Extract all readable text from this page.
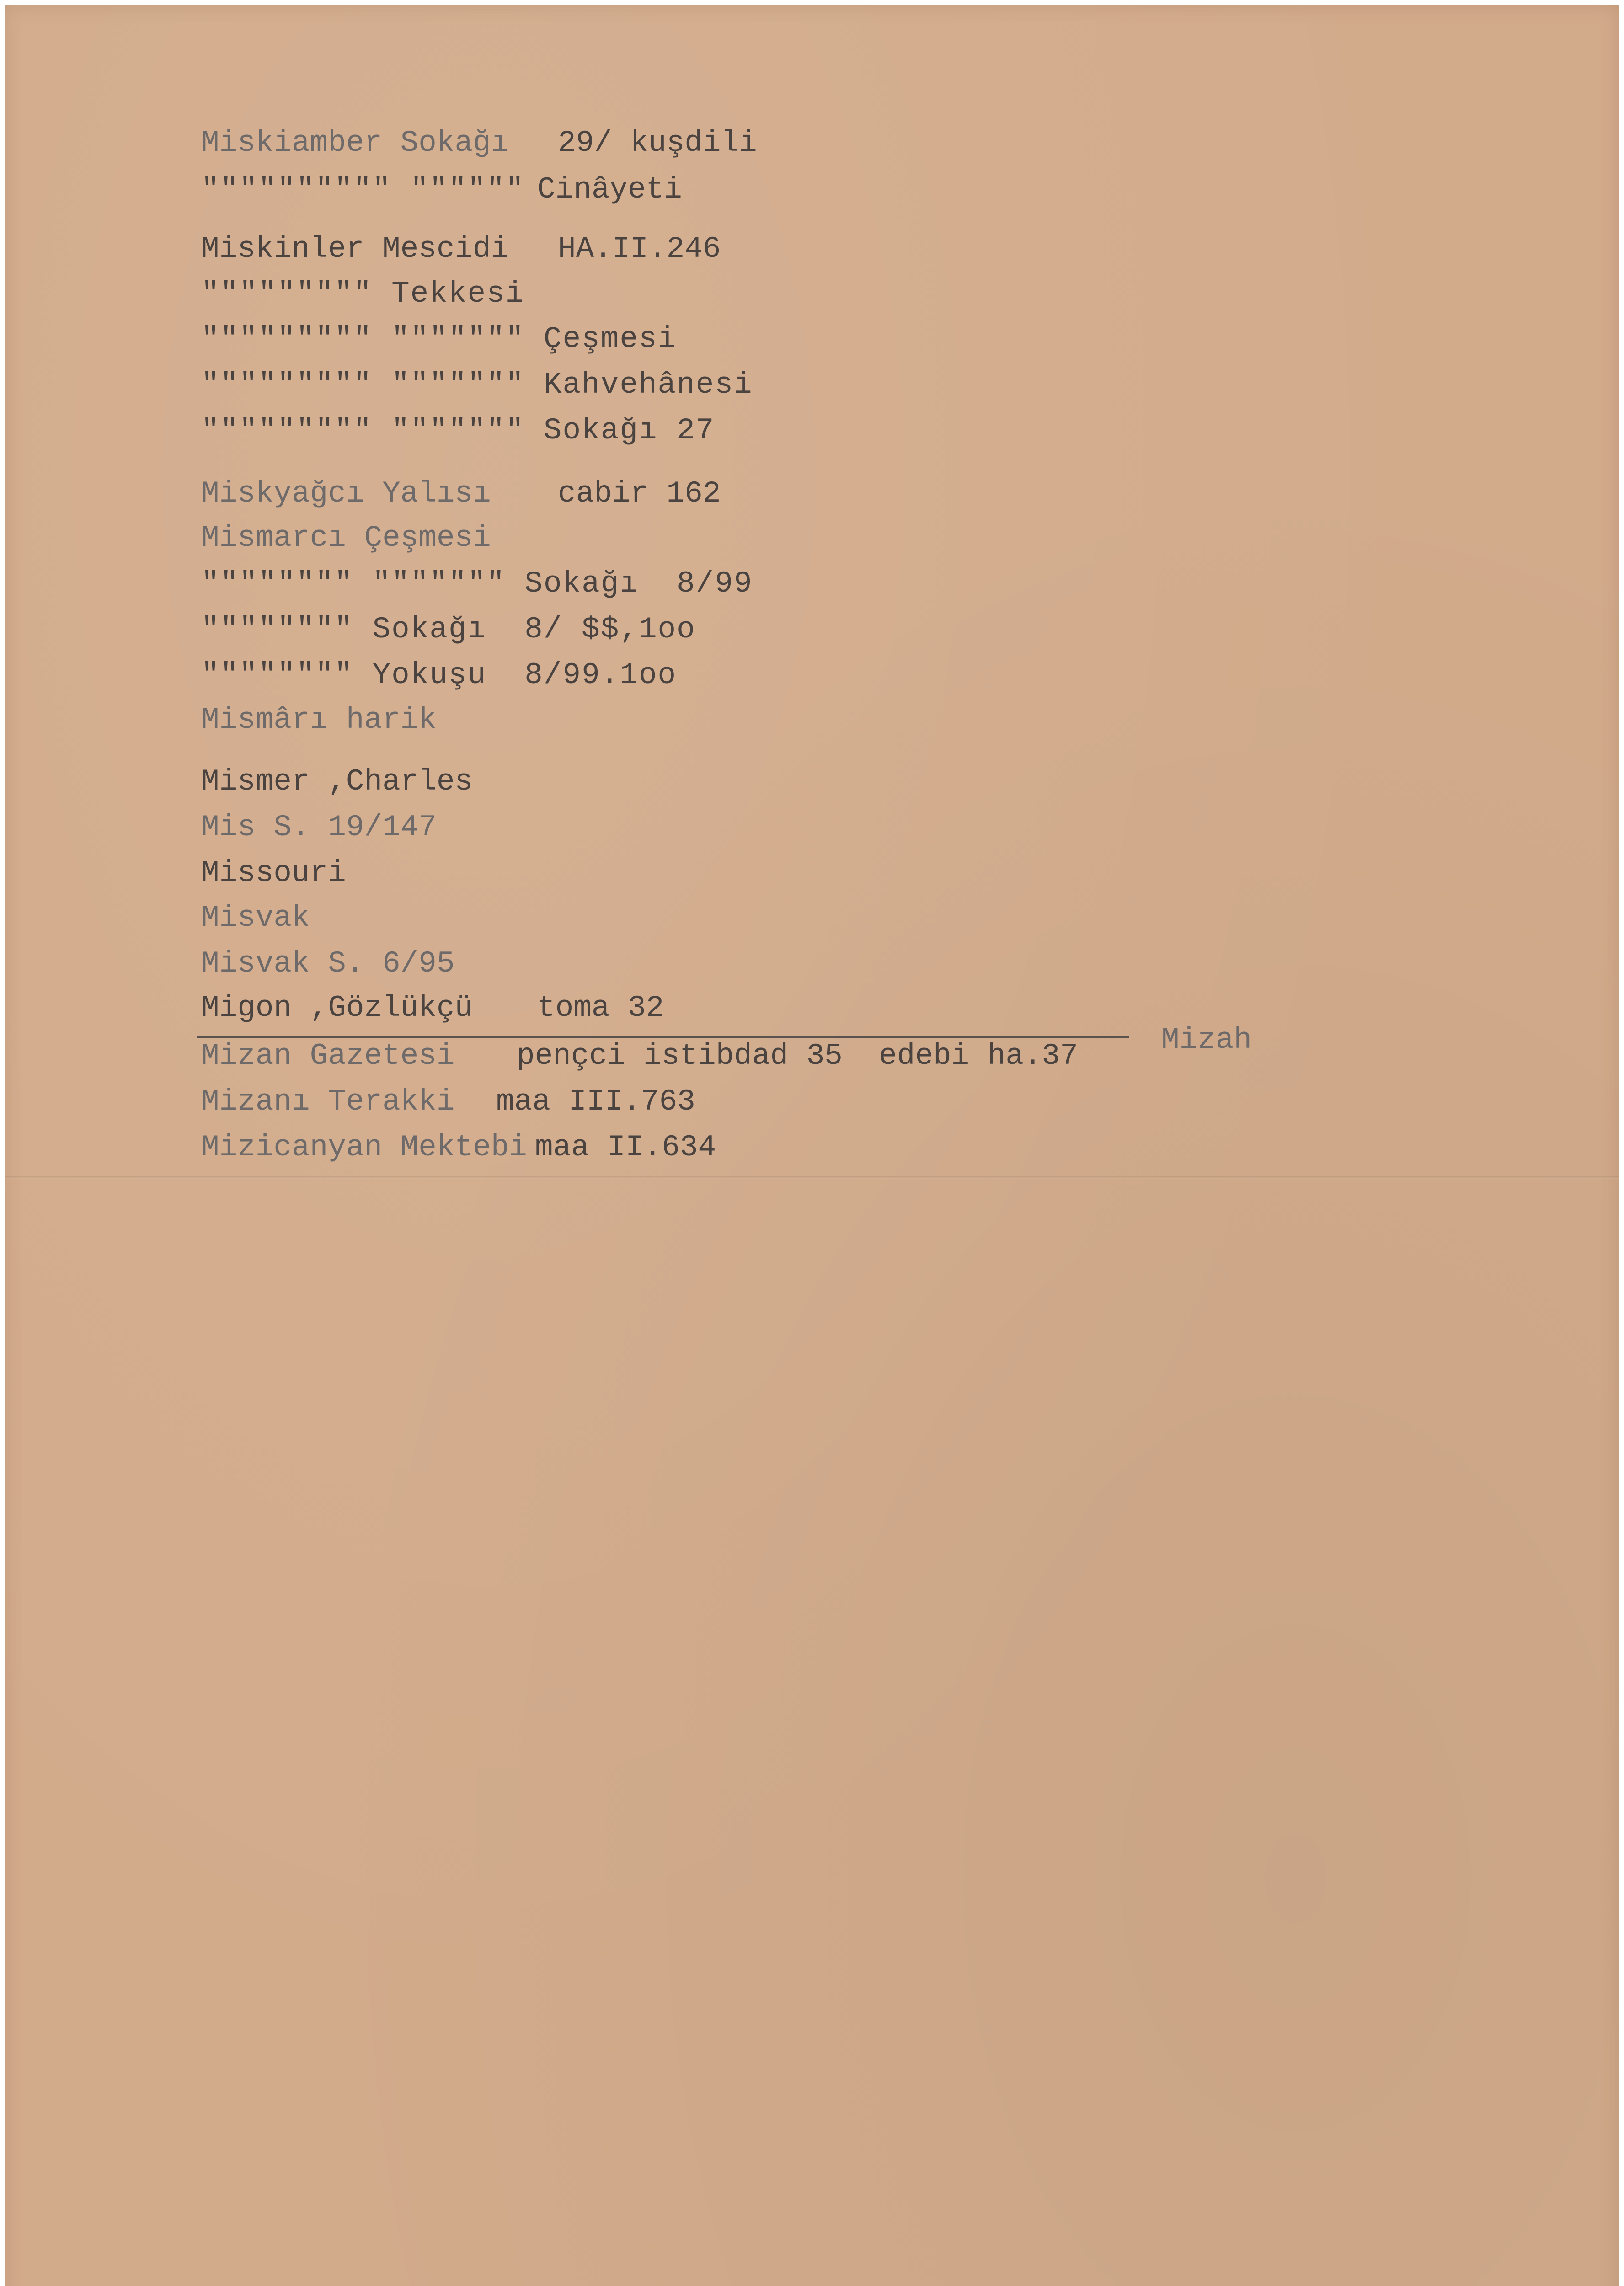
Miskiamber Sokağı 29/ kuşdili
"""""""""" """""" Cinâyeti
Miskinler Mescidi HA.II.246
""""""""" Tekkesi
""""""""" """"""" Çeşmesi
""""""""" """"""" Kahvehânesi
""""""""" """"""" Sokağı 27
Miskyağcı Yalısı cabir 162
Mismarcı Çeşmesi
"""""""" """"""" Sokağı  8/99
"""""""" Sokağı  8/ $$,1oo
"""""""" Yokuşu  8/99.1oo
Mismârı harik
Mismer ,Charles
Mis S. 19/147
Missouri
Misvak
Misvak S. 6/95
Migon ,Gözlükçü toma 32
Mizan Gazetesi pençci istibdad 35  edebi ha.37	Mizah
Mizanı Terakki maa III.763
Mizicanyan Mektebi maa II.634
